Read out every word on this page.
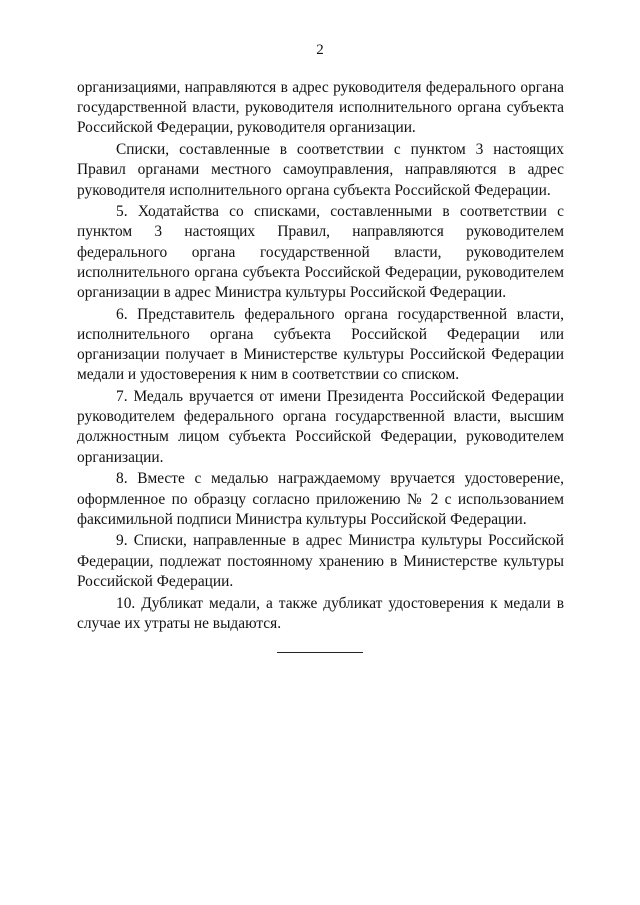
2

организациями, направляются в адрес руководителя федерального органа государственной власти, руководителя исполнительного органа субъекта Российской Федерации, руководителя организации.

Списки, составленные в соответствии с пунктом 3 настоящих Правил органами местного самоуправления, направляются в адрес руководителя исполнительного органа субъекта Российской Федерации.

5. Ходатайства со списками, составленными в соответствии с пунктом 3 настоящих Правил, направляются руководителем федерального органа государственной власти, руководителем исполнительного органа субъекта Российской Федерации, руководителем организации в адрес Министра культуры Российской Федерации.

6. Представитель федерального органа государственной власти, исполнительного органа субъекта Российской Федерации или организации получает в Министерстве культуры Российской Федерации медали и удостоверения к ним в соответствии со списком.

7. Медаль вручается от имени Президента Российской Федерации руководителем федерального органа государственной власти, высшим должностным лицом субъекта Российской Федерации, руководителем организации.

8. Вместе с медалью награждаемому вручается удостоверение, оформленное по образцу согласно приложению № 2 с использованием факсимильной подписи Министра культуры Российской Федерации.

9. Списки, направленные в адрес Министра культуры Российской Федерации, подлежат постоянному хранению в Министерстве культуры Российской Федерации.

10. Дубликат медали, а также дубликат удостоверения к медали в случае их утраты не выдаются.
